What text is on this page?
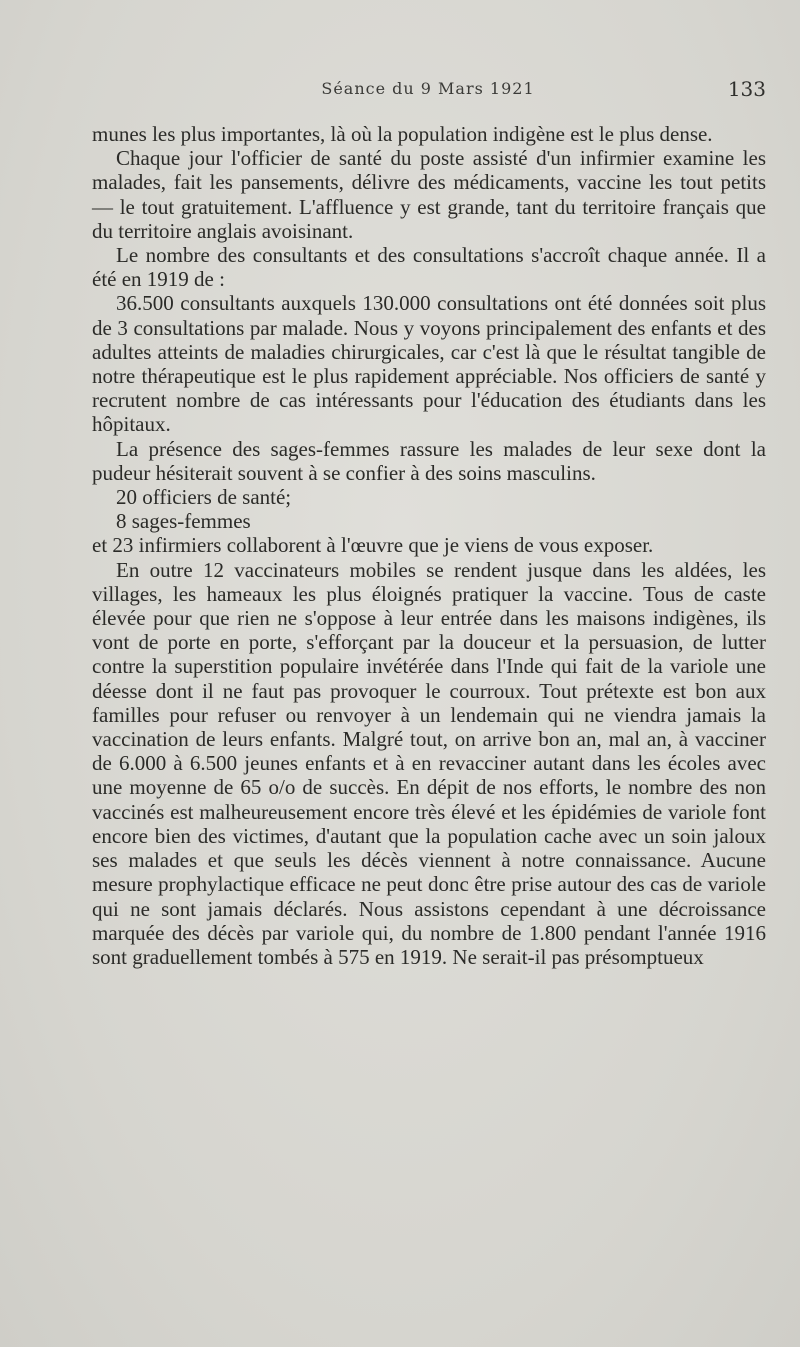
Séance du 9 Mars 1921	133

munes les plus importantes, là où la population indigène est le plus dense.

Chaque jour l'officier de santé du poste assisté d'un infirmier examine les malades, fait les pansements, délivre des médicaments, vaccine les tout petits — le tout gratuitement. L'affluence y est grande, tant du territoire français que du territoire anglais avoisinant.

Le nombre des consultants et des consultations s'accroît chaque année. Il a été en 1919 de :

36.500 consultants auxquels 130.000 consultations ont été données soit plus de 3 consultations par malade. Nous y voyons principalement des enfants et des adultes atteints de maladies chirurgicales, car c'est là que le résultat tangible de notre thérapeutique est le plus rapidement appréciable. Nos officiers de santé y recrutent nombre de cas intéressants pour l'éducation des étudiants dans les hôpitaux.

La présence des sages-femmes rassure les malades de leur sexe dont la pudeur hésiterait souvent à se confier à des soins masculins.

20 officiers de santé;

8 sages-femmes

et 23 infirmiers collaborent à l'œuvre que je viens de vous exposer.

En outre 12 vaccinateurs mobiles se rendent jusque dans les aldées, les villages, les hameaux les plus éloignés pratiquer la vaccine. Tous de caste élevée pour que rien ne s'oppose à leur entrée dans les maisons indigènes, ils vont de porte en porte, s'efforçant par la douceur et la persuasion, de lutter contre la superstition populaire invétérée dans l'Inde qui fait de la variole une déesse dont il ne faut pas provoquer le courroux. Tout prétexte est bon aux familles pour refuser ou renvoyer à un lendemain qui ne viendra jamais la vaccination de leurs enfants. Malgré tout, on arrive bon an, mal an, à vacciner de 6.000 à 6.500 jeunes enfants et à en revacciner autant dans les écoles avec une moyenne de 65 o/o de succès. En dépit de nos efforts, le nombre des non vaccinés est malheureusement encore très élevé et les épidémies de variole font encore bien des victimes, d'autant que la population cache avec un soin jaloux ses malades et que seuls les décès viennent à notre connaissance. Aucune mesure prophylactique efficace ne peut donc être prise autour des cas de variole qui ne sont jamais déclarés. Nous assistons cependant à une décroissance marquée des décès par variole qui, du nombre de 1.800 pendant l'année 1916 sont graduellement tombés à 575 en 1919. Ne serait-il pas présomptueux
